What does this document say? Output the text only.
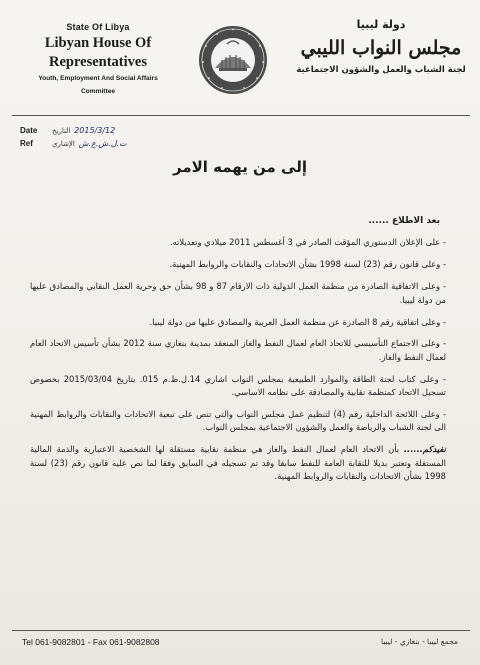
State Of Libya
Libyan House Of
Representatives
Youth, Employment And Social Affairs
Committee
دولة ليبيا
مجلس النواب الليبي
لجنة الشباب والعمل والشؤون الاجتماعية
Date	التاريخ 2015/3/12
Ref	الإشاري ت.ل.ش.ع.ش
إلى من يهمه الامر
بعد الاطلاع ......
- على الإعلان الدستوري المؤقت الصادر في 3 أغسطس 2011 ميلادي وتعديلاته.
- وعلى قانون رقم (23) لسنة 1998 بشأن الاتحادات والنقابات والروابط المهنية.
- وعلى الاتفاقية الصادرة من منظمة العمل الدولية ذات الارقام 87 و 98 بشأن حق وحرية العمل النقابي والمصادق عليها من دولة ليبيا.
- وعلى اتفاقية رقم 8 الصادرة عن منظمة العمل العربية والمصادق عليها من دولة ليبيا.
- وعلى الاجتماع التأسيسي للاتحاد العام لعمال النفط والغاز المنعقد بمدينة بنغازي سنة 2012 بشأن تأسيس الاتحاد العام لعمال النفط والغاز.
- وعلى كتاب لجنة الطاقة والموارد الطبيعية بمجلس النواب اشاري 14.ل.ط.م 015. بتاريخ 2015/03/04 بخصوص تسجيل الاتحاد كمنظمة نقابية والمصادقة على نظامه الاساسي.
- وعلى اللائحة الداخلية رقم (4) لتنظيم عمل مجلس النواب والتي تنص على تبعية الاتحادات والنقابات والروابط المهنية الى لجنة الشباب والرياضة والعمل والشؤون الاجتماعية بمجلس النواب.
نفيدكم...... بأن الاتحاد العام لعمال النفط والغاز هي منظمة نقابية مستقلة لها الشخصية الاعتبارية والذمة المالية المستقلة وتعتبر بديلا للنقابة العامة للنفط سابقا وقد تم تسجيله في السابق وفقا لما نص عليه قانون رقم (23) لسنة 1998 بشأن الاتحادات والنقابات والروابط المهنية.
Tel 061-9082801 - Fax 061-9082808	مجمع لبيبا - بنغازي - ليبيا
